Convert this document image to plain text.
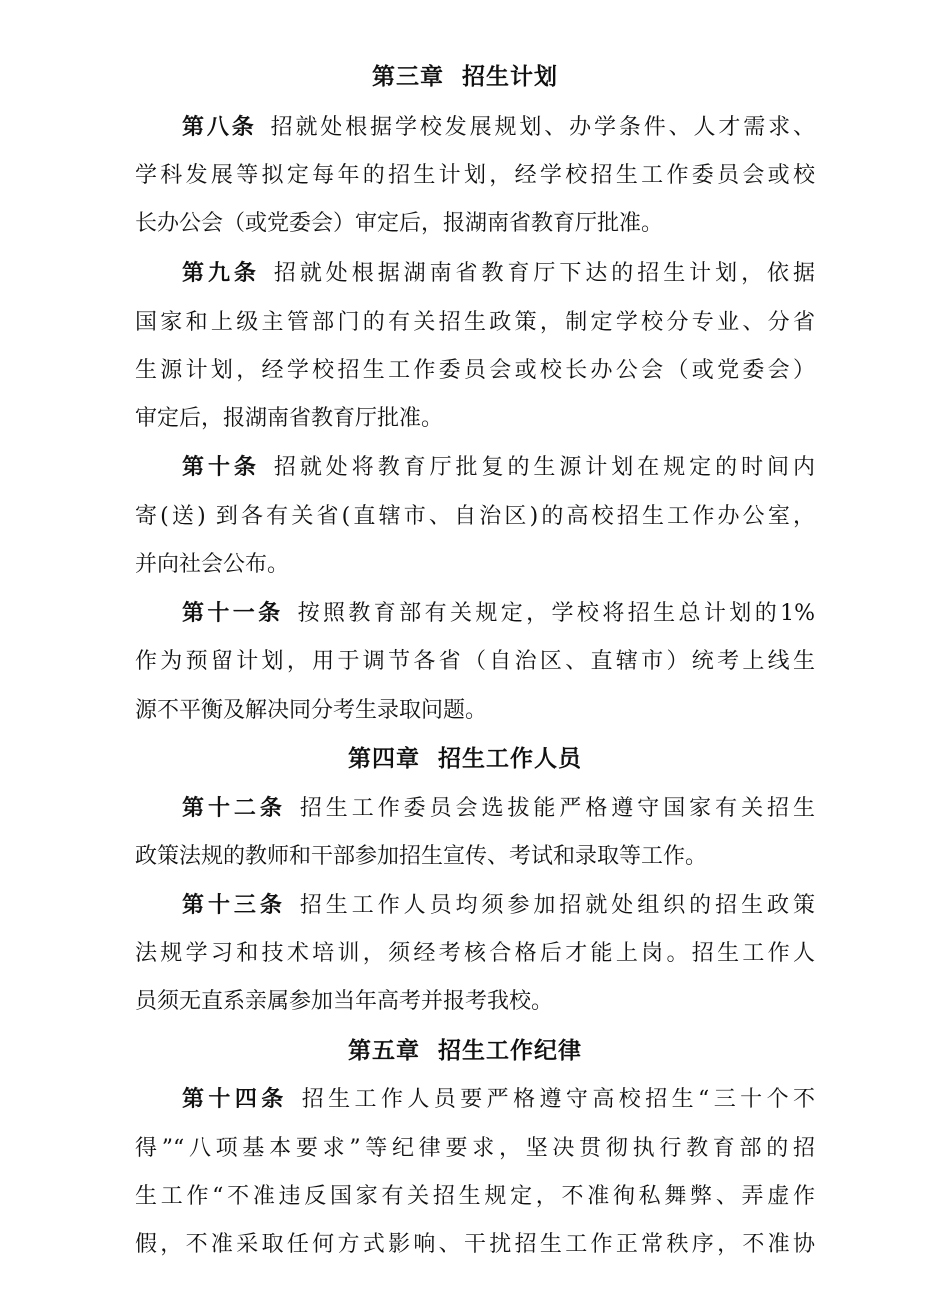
第三章  招生计划
第八条 招就处根据学校发展规划、办学条件、人才需求、
学科发展等拟定每年的招生计划，经学校招生工作委员会或校
长办公会（或党委会）审定后，报湖南省教育厅批准。
第九条 招就处根据湖南省教育厅下达的招生计划，依据
国家和上级主管部门的有关招生政策，制定学校分专业、分省
生源计划，经学校招生工作委员会或校长办公会（或党委会）
审定后，报湖南省教育厅批准。
第十条 招就处将教育厅批复的生源计划在规定的时间内
寄(送) 到各有关省(直辖市、自治区)的高校招生工作办公室，
并向社会公布。
第十一条 按照教育部有关规定，学校将招生总计划的1%
作为预留计划，用于调节各省（自治区、直辖市）统考上线生
源不平衡及解决同分考生录取问题。
第四章  招生工作人员
第十二条 招生工作委员会选拔能严格遵守国家有关招生
政策法规的教师和干部参加招生宣传、考试和录取等工作。
第十三条 招生工作人员均须参加招就处组织的招生政策
法规学习和技术培训，须经考核合格后才能上岗。招生工作人
员须无直系亲属参加当年高考并报考我校。
第五章  招生工作纪律
第十四条 招生工作人员要严格遵守高校招生“三十个不
得”“八项基本要求”等纪律要求，坚决贯彻执行教育部的招
生工作“不准违反国家有关招生规定，不准徇私舞弊、弄虚作
假，不准采取任何方式影响、干扰招生工作正常秩序，不准协
